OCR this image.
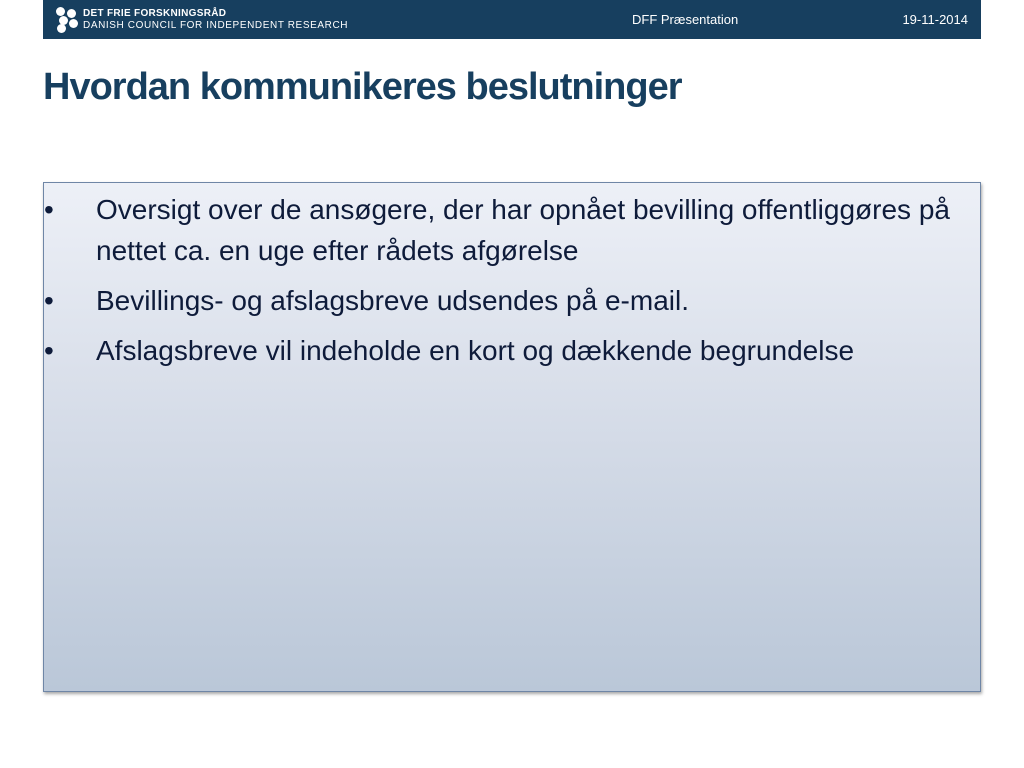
DET FRIE FORSKNINGSRÅD
DANISH COUNCIL FOR INDEPENDENT RESEARCH	DFF Præsentation	19-11-2014
Hvordan kommunikeres beslutninger
•	Oversigt over de ansøgere, der har opnået bevilling offentliggøres på nettet ca. en uge efter rådets afgørelse
•	Bevillings- og afslagsbreve udsendes på e-mail.
•	Afslagsbreve vil indeholde en kort og dækkende begrundelse
